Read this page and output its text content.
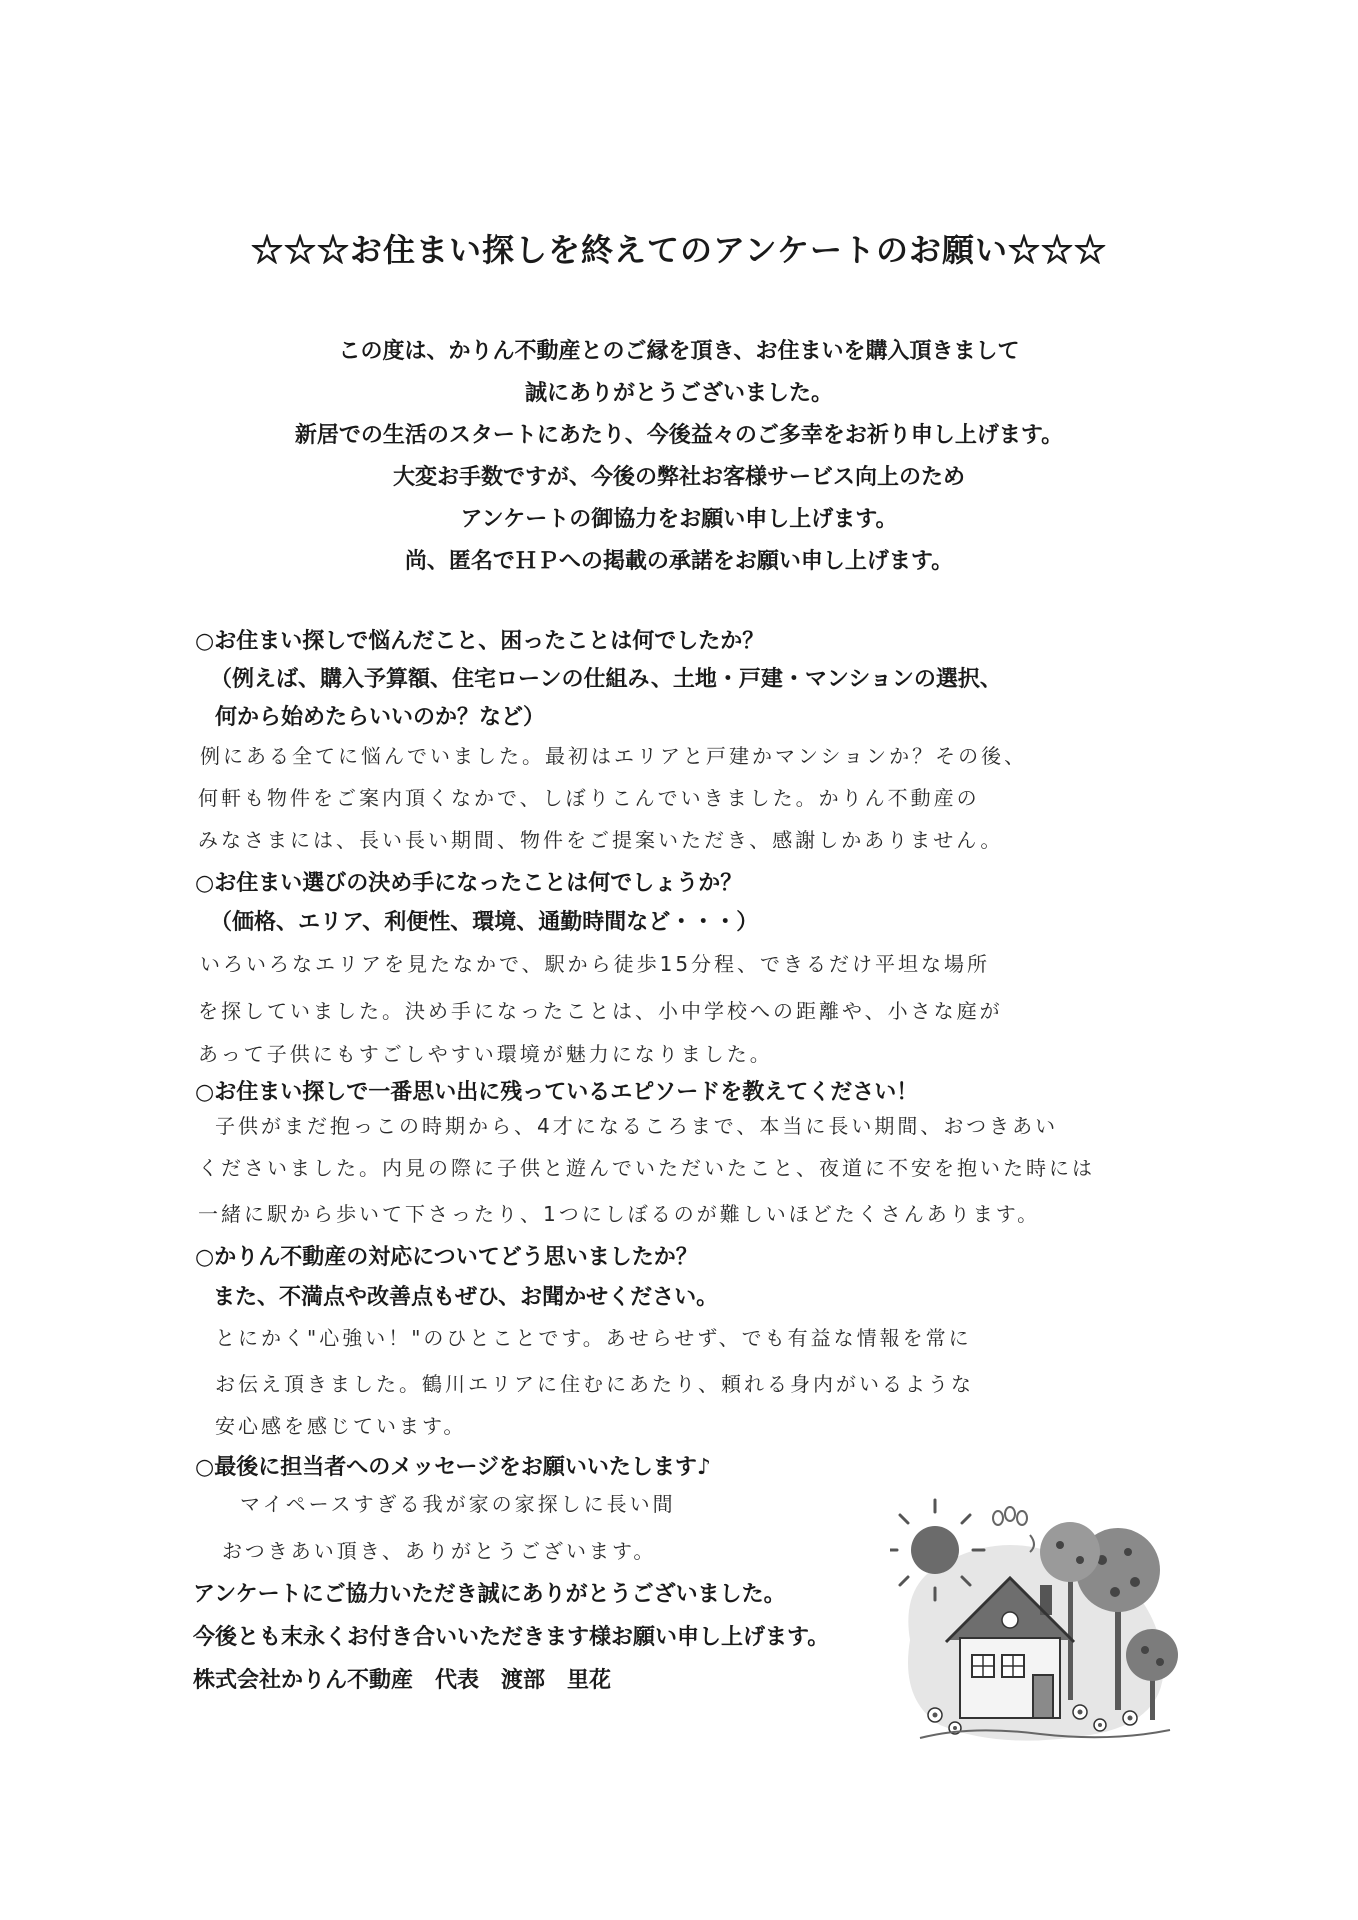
☆☆☆お住まい探しを終えてのアンケートのお願い☆☆☆
この度は、かりん不動産とのご縁を頂き、お住まいを購入頂きまして
誠にありがとうございました。
新居での生活のスタートにあたり、今後益々のご多幸をお祈り申し上げます。
大変お手数ですが、今後の弊社お客様サービス向上のため
アンケートの御協力をお願い申し上げます。
尚、匿名でＨＰへの掲載の承諾をお願い申し上げます。
○お住まい探しで悩んだこと、困ったことは何でしたか？
（例えば、購入予算額、住宅ローンの仕組み、土地・戸建・マンションの選択、
何から始めたらいいのか？など）
例にある全てに悩んでいました。最初はエリアと戸建かマンションか？その後、
何軒も物件をご案内頂くなかで、しぼりこんでいきました。かりん不動産の
みなさまには、長い長い期間、物件をご提案いただき、感謝しかありません。
○お住まい選びの決め手になったことは何でしょうか？
（価格、エリア、利便性、環境、通勤時間など・・・）
いろいろなエリアを見たなかで、駅から徒歩15分程、できるだけ平坦な場所
を探していました。決め手になったことは、小中学校への距離や、小さな庭が
あって子供にもすごしやすい環境が魅力になりました。
○お住まい探しで一番思い出に残っているエピソードを教えてください！
子供がまだ抱っこの時期から、4才になるころまで、本当に長い期間、おつきあい
くださいました。内見の際に子供と遊んでいただいたこと、夜道に不安を抱いた時には
一緒に駅から歩いて下さったり、1つにしぼるのが難しいほどたくさんあります。
○かりん不動産の対応についてどう思いましたか？
また、不満点や改善点もぜひ、お聞かせください。
とにかく"心強い！"のひとことです。あせらせず、でも有益な情報を常に
お伝え頂きました。鶴川エリアに住むにあたり、頼れる身内がいるような
安心感を感じています。
○最後に担当者へのメッセージをお願いいたします♪
マイペースすぎる我が家の家探しに長い間
おつきあい頂き、ありがとうございます。
アンケートにご協力いただき誠にありがとうございました。
今後とも末永くお付き合いいただきます様お願い申し上げます。
株式会社かりん不動産　代表　渡部　里花
